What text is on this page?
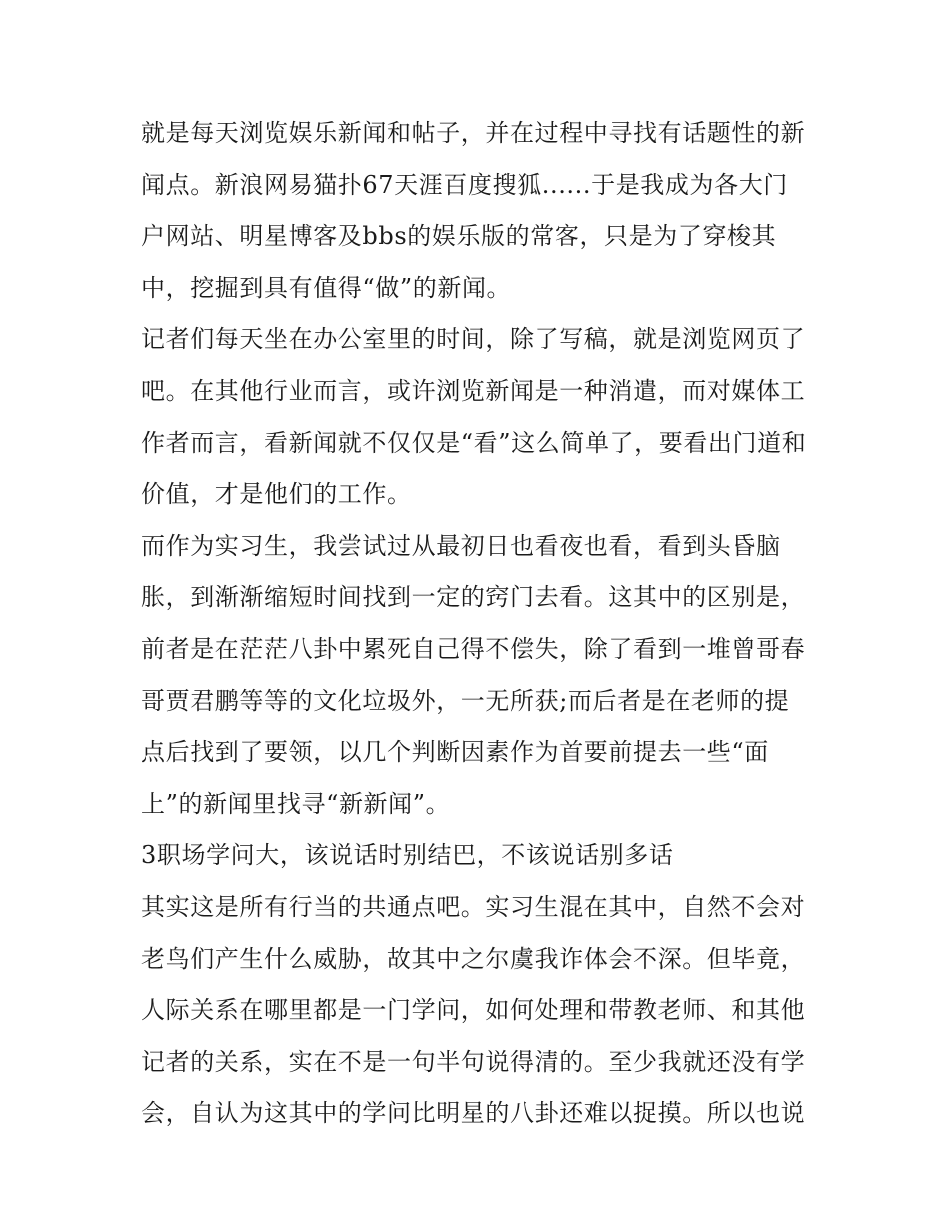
就是每天浏览娱乐新闻和帖子，并在过程中寻找有话题性的新
闻点。新浪网易猫扑67天涯百度搜狐......于是我成为各大门
户网站、明星博客及bbs的娱乐版的常客，只是为了穿梭其
中，挖掘到具有值得“做”的新闻。
记者们每天坐在办公室里的时间，除了写稿，就是浏览网页了
吧。在其他行业而言，或许浏览新闻是一种消遣，而对媒体工
作者而言，看新闻就不仅仅是“看”这么简单了，要看出门道和
价值，才是他们的工作。
而作为实习生，我尝试过从最初日也看夜也看，看到头昏脑
胀，到渐渐缩短时间找到一定的窍门去看。这其中的区别是，
前者是在茫茫八卦中累死自己得不偿失，除了看到一堆曾哥春
哥贾君鹏等等的文化垃圾外，一无所获;而后者是在老师的提
点后找到了要领，以几个判断因素作为首要前提去一些“面
上”的新闻里找寻“新新闻”。
3职场学问大，该说话时别结巴，不该说话别多话
其实这是所有行当的共通点吧。实习生混在其中，自然不会对
老鸟们产生什么威胁，故其中之尔虞我诈体会不深。但毕竟，
人际关系在哪里都是一门学问，如何处理和带教老师、和其他
记者的关系，实在不是一句半句说得清的。至少我就还没有学
会，自认为这其中的学问比明星的八卦还难以捉摸。所以也说
